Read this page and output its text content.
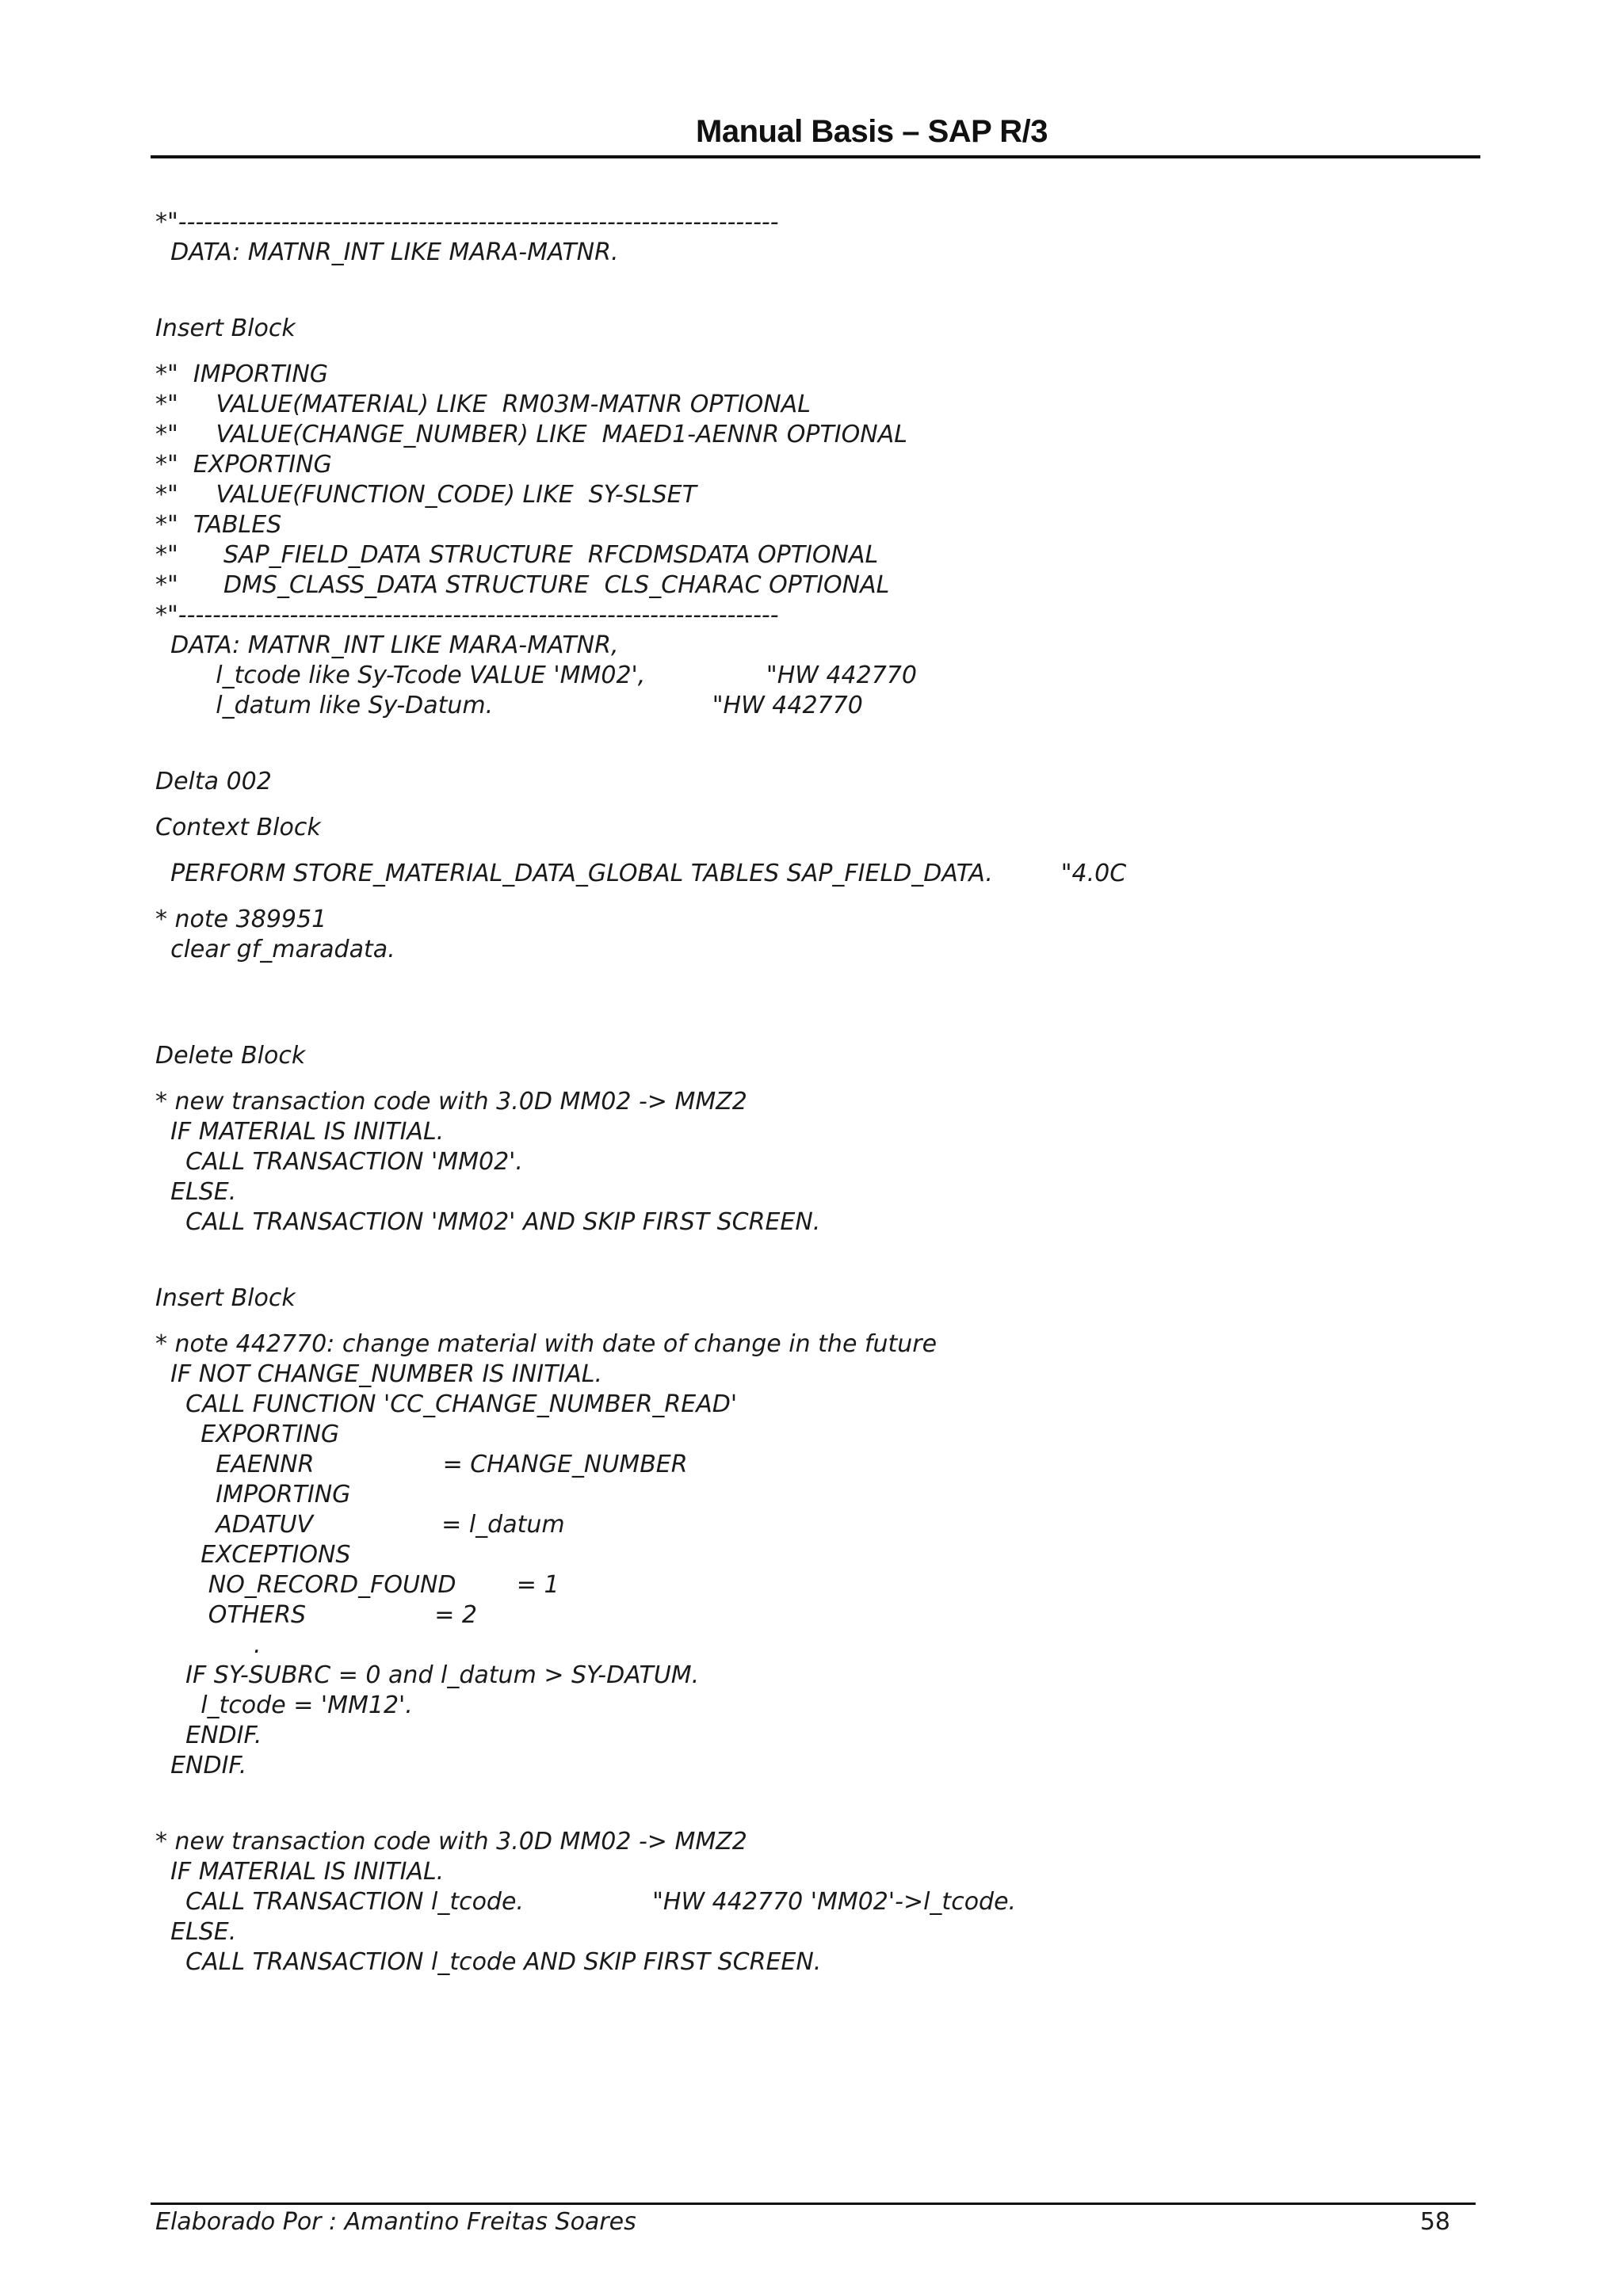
Manual Basis – SAP R/3
*"----------------------------------------------------------------------
DATA: MATNR_INT LIKE MARA-MATNR.
Insert Block
*"  IMPORTING
*"     VALUE(MATERIAL) LIKE  RM03M-MATNR OPTIONAL
*"     VALUE(CHANGE_NUMBER) LIKE  MAED1-AENNR OPTIONAL
*"  EXPORTING
*"     VALUE(FUNCTION_CODE) LIKE  SY-SLSET
*"  TABLES
*"      SAP_FIELD_DATA STRUCTURE  RFCDMSDATA OPTIONAL
*"      DMS_CLASS_DATA STRUCTURE  CLS_CHARAC OPTIONAL
*"----------------------------------------------------------------------
DATA: MATNR_INT LIKE MARA-MATNR,
l_tcode like Sy-Tcode VALUE 'MM02',                "HW 442770
l_datum like Sy-Datum.                             "HW 442770
Delta 002
Context Block
PERFORM STORE_MATERIAL_DATA_GLOBAL TABLES SAP_FIELD_DATA.         "4.0C
* note 389951
clear gf_maradata.
Delete Block
* new transaction code with 3.0D MM02 -> MMZ2
IF MATERIAL IS INITIAL.
CALL TRANSACTION 'MM02'.
ELSE.
CALL TRANSACTION 'MM02' AND SKIP FIRST SCREEN.
Insert Block
* note 442770: change material with date of change in the future
IF NOT CHANGE_NUMBER IS INITIAL.
CALL FUNCTION 'CC_CHANGE_NUMBER_READ'
EXPORTING
EAENNR                 = CHANGE_NUMBER
IMPORTING
ADATUV                 = l_datum
EXCEPTIONS
NO_RECORD_FOUND        = 1
OTHERS                 = 2
.
IF SY-SUBRC = 0 and l_datum > SY-DATUM.
l_tcode = 'MM12'.
ENDIF.
ENDIF.
* new transaction code with 3.0D MM02 -> MMZ2
IF MATERIAL IS INITIAL.
CALL TRANSACTION l_tcode.                 "HW 442770 'MM02'->l_tcode.
ELSE.
CALL TRANSACTION l_tcode AND SKIP FIRST SCREEN.
Elaborado Por : Amantino Freitas Soares	58
